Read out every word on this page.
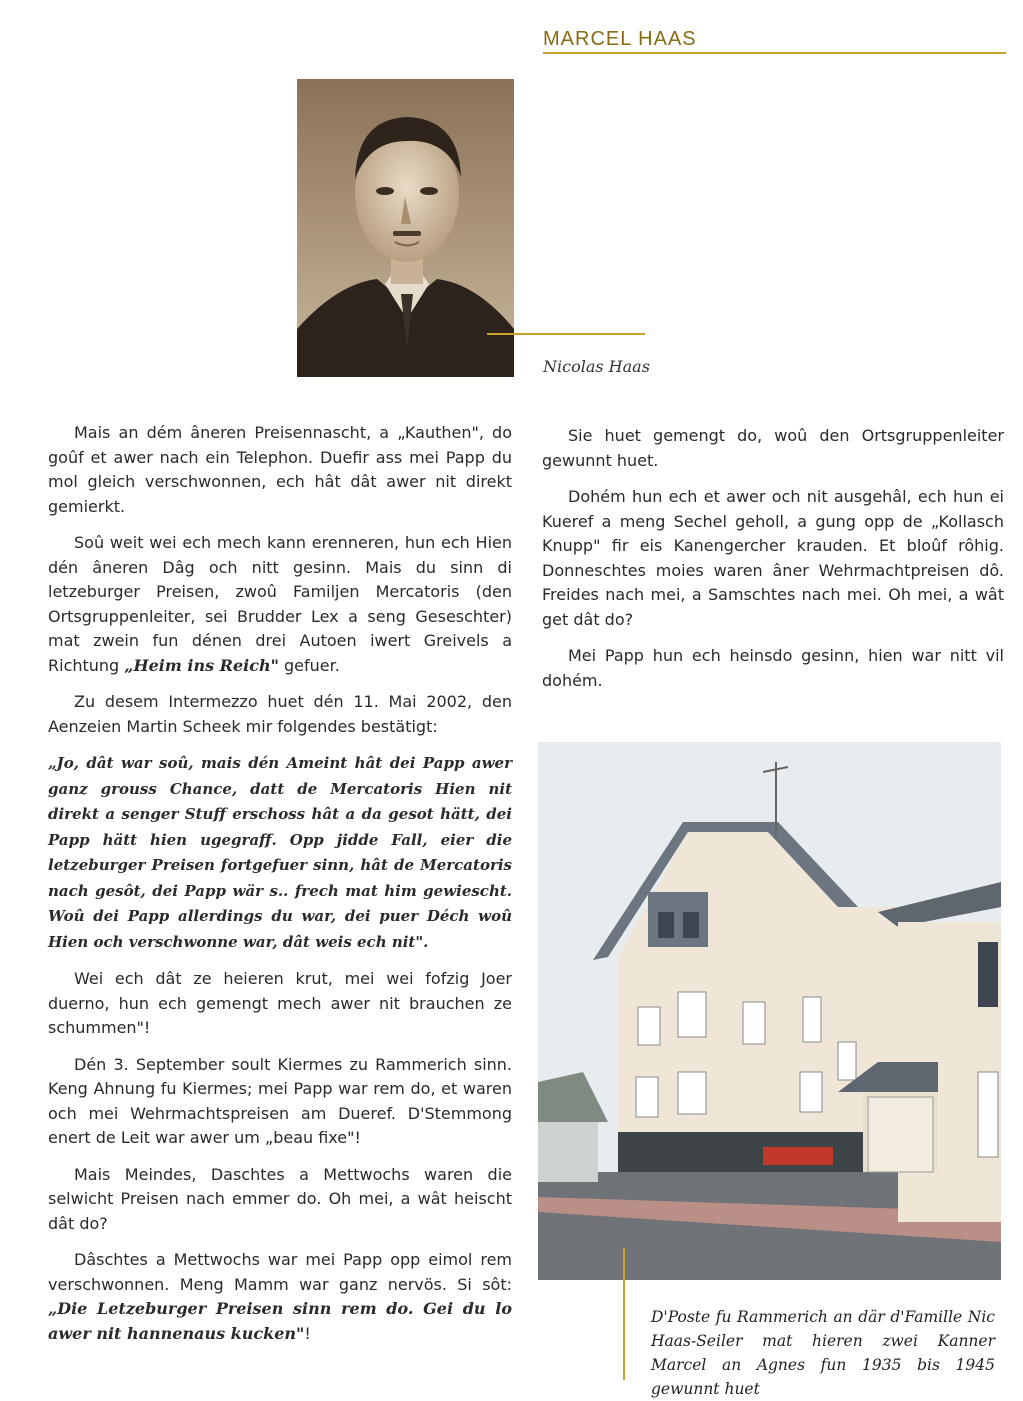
MARCEL HAAS
Nicolas Haas

Mais an dém âneren Preisennascht, a „Kauthen", do goûf et awer nach ein Telephon. Duefir ass mei Papp du mol gleich verschwonnen, ech hât dât awer nit direkt gemierkt.

Soû weit wei ech mech kann erenneren, hun ech Hien dén âneren Dâg och nitt gesinn. Mais du sinn di letzeburger Preisen, zwoû Familjen Mercatoris (den Ortsgruppenleiter, sei Brudder Lex a seng Geseschter) mat zwein fun dénen drei Autoen iwert Greivels a Richtung „Heim ins Reich" gefuer.

Zu desem Intermezzo huet dén 11. Mai 2002, den Aenzeien Martin Scheek mir folgendes bestätigt:

„Jo, dât war soû, mais dén Ameint hât dei Papp awer ganz grouss Chance, datt de Mercatoris Hien nit direkt a senger Stuff erschoss hât a da gesot hätt, dei Papp hätt hien ugegraff. Opp jidde Fall, eier die letzeburger Preisen fortgefuer sinn, hât de Mercatoris nach gesôt, dei Papp wär s.. frech mat him gewiescht. Woû dei Papp allerdings du war, dei puer Déch woû Hien och verschwonne war, dât weis ech nit".

Wei ech dât ze heieren krut, mei wei fofzig Joer duerno, hun ech gemengt mech awer nit brauchen ze schummen"!

Dén 3. September soult Kiermes zu Rammerich sinn. Keng Ahnung fu Kiermes; mei Papp war rem do, et waren och mei Wehrmachtspreisen am Dueref. D'Stemmong enert de Leit war awer um „beau fixe"!

Mais Meindes, Daschtes a Mettwochs waren die selwicht Preisen nach emmer do. Oh mei, a wât heischt dât do?

Dâschtes a Mettwochs war mei Papp opp eimol rem verschwonnen. Meng Mamm war ganz nervös. Si sôt: „Die Letzeburger Preisen sinn rem do. Gei du lo awer nit hannenaus kucken"!

Sie huet gemengt do, woû den Ortsgruppenleiter gewunnt huet.

Dohém hun ech et awer och nit ausgehâl, ech hun ei Kueref a meng Sechel geholl, a gung opp de „Kollasch Knupp" fir eis Kanengercher krauden. Et bloûf rôhig. Donneschtes moies waren âner Wehrmachtpreisen dô. Freides nach mei, a Samschtes nach mei. Oh mei, a wât get dât do?

Mei Papp hun ech heinsdo gesinn, hien war nitt vil dohém.

D'Poste fu Rammerich an där d'Famille Nic Haas-Seiler mat hieren zwei Kanner Marcel an Agnes fun 1935 bis 1945 gewunnt huet
